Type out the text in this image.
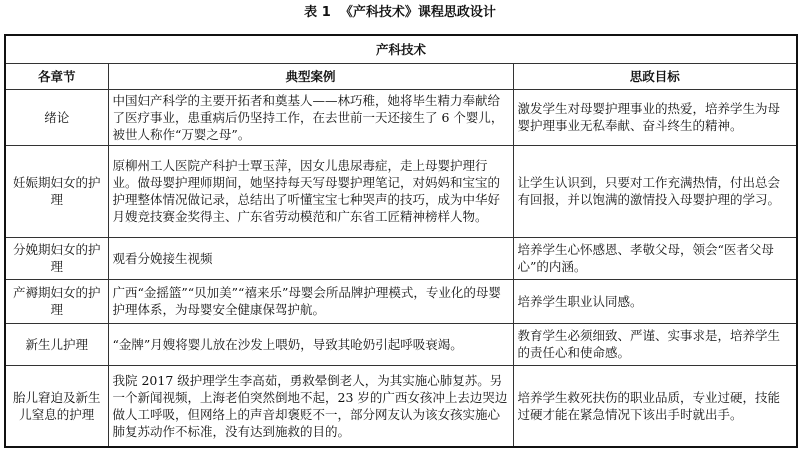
表 1 《产科技术》课程思政设计
产科技术		
各章节	典型案例	思政目标
绪论	中国妇产科学的主要开拓者和奠基人——林巧稚，她将毕生精力奉献给了医疗事业，患重病后仍坚持工作，在去世前一天还接生了 6 个婴儿，被世人称作“万婴之母”。	激发学生对母婴护理事业的热爱，培养学生为母婴护理事业无私奉献、奋斗终生的精神。
妊娠期妇女的护理	原柳州工人医院产科护士覃玉萍，因女儿患尿毒症，走上母婴护理行业。做母婴护理师期间，她坚持每天写母婴护理笔记，对妈妈和宝宝的护理整体情况做记录，总结出了听懂宝宝七种哭声的技巧，成为中华好月嫂竞技赛金奖得主、广东省劳动模范和广东省工匠精神榜样人物。	让学生认识到，只要对工作充满热情，付出总会有回报，并以饱满的激情投入母婴护理的学习。
分娩期妇女的护理	观看分娩接生视频	培养学生心怀感恩、孝敬父母，领会“医者父母心”的内涵。
产褥期妇女的护理	广西“金摇篮”“贝加美”“禧来乐”母婴会所品牌护理模式，专业化的母婴护理体系，为母婴安全健康保驾护航。	培养学生职业认同感。
新生儿护理	“金牌”月嫂将婴儿放在沙发上喂奶，导致其呛奶引起呼吸衰竭。	教育学生必须细致、严谨、实事求是，培养学生的责任心和使命感。
胎儿窘迫及新生儿窒息的护理	我院 2017 级护理学生李高茹，勇救晕倒老人，为其实施心肺复苏。另一个新闻视频，上海老伯突然倒地不起，23 岁的广西女孩冲上去边哭边做人工呼吸，但网络上的声音却褒贬不一，部分网友认为该女孩实施心肺复苏动作不标准，没有达到施救的目的。	培养学生救死扶伤的职业品质，专业过硬，技能过硬才能在紧急情况下该出手时就出手。
